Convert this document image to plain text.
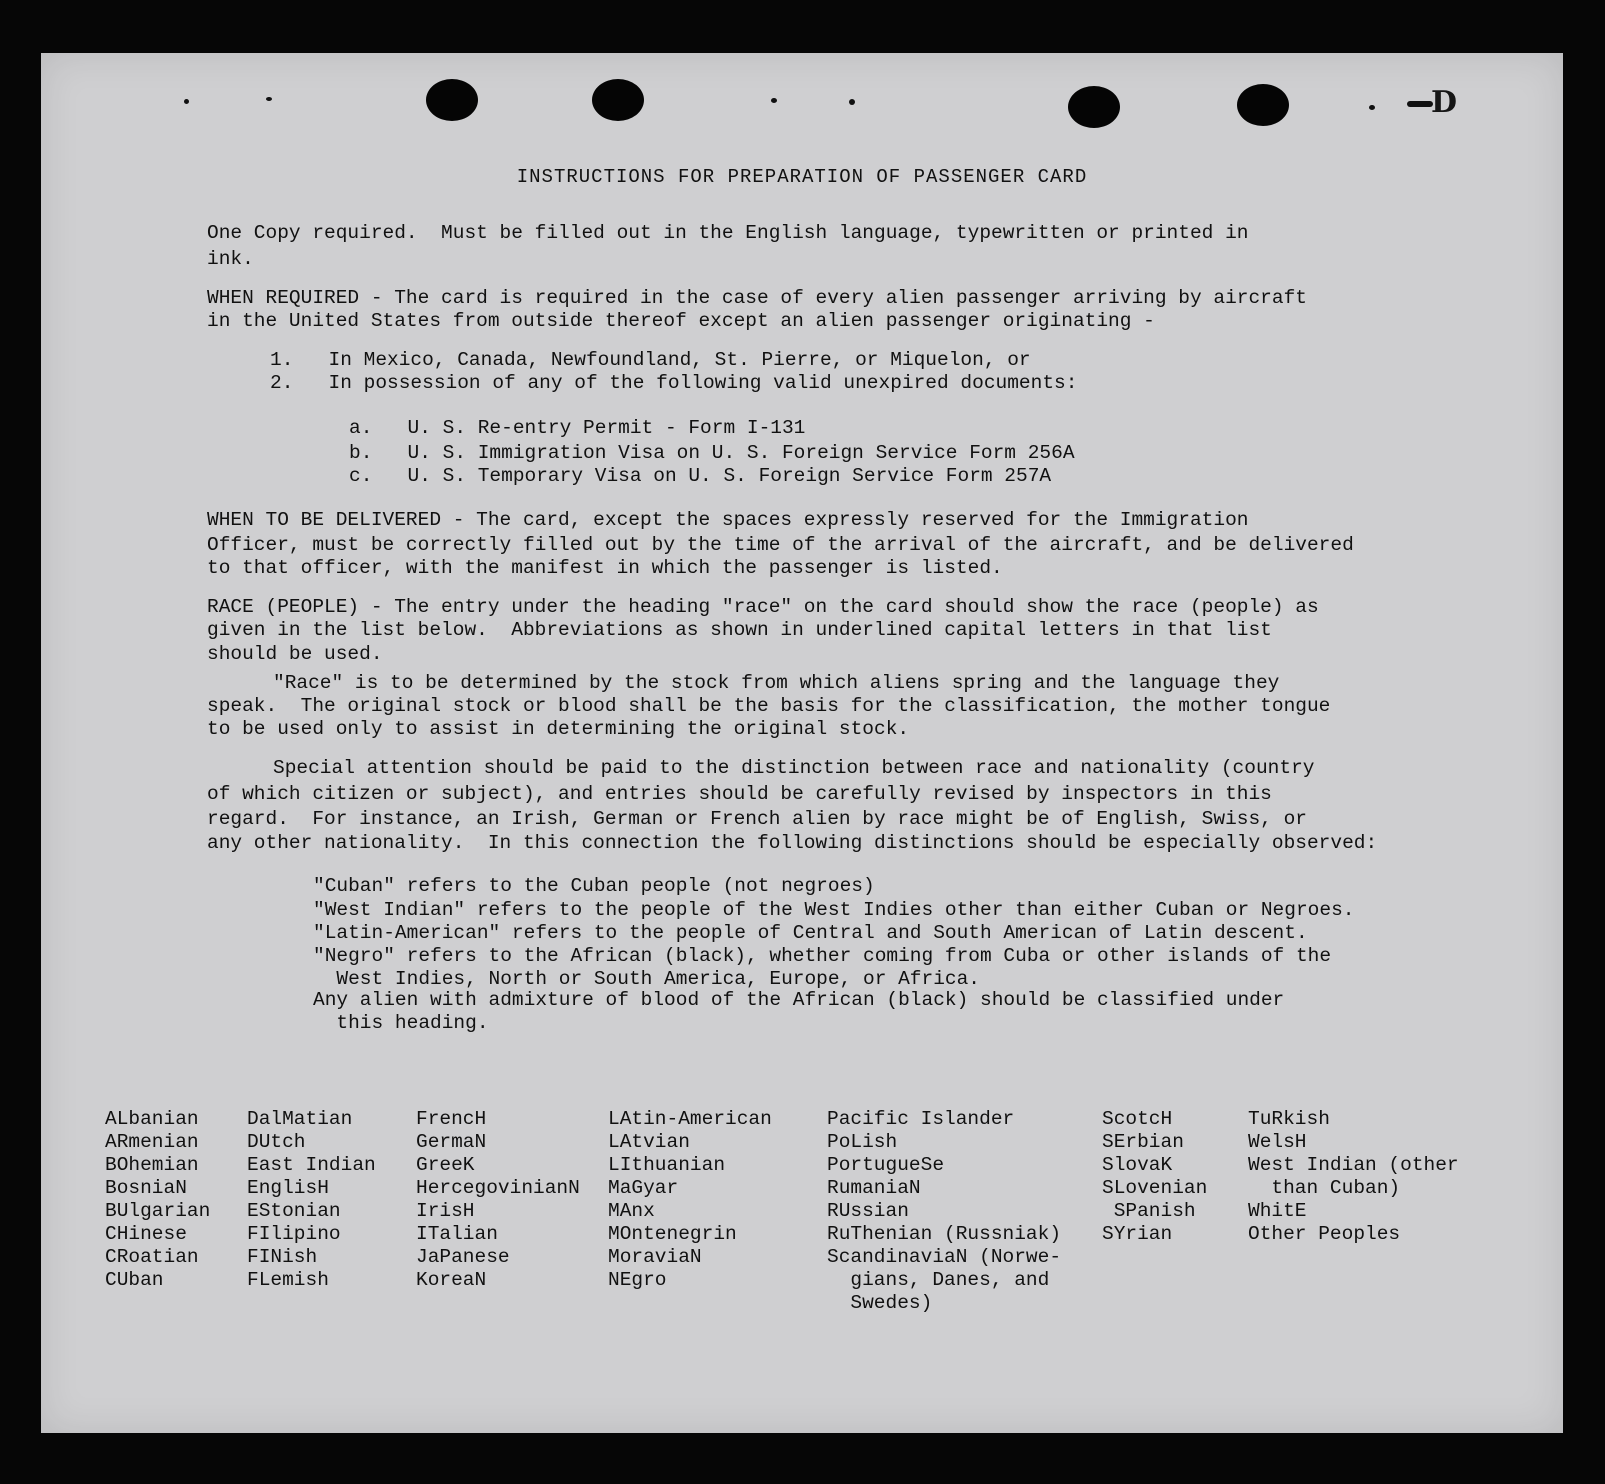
D
INSTRUCTIONS FOR PREPARATION OF PASSENGER CARD
One Copy required.  Must be filled out in the English language, typewritten or printed in
ink.
WHEN REQUIRED - The card is required in the case of every alien passenger arriving by aircraft
in the United States from outside thereof except an alien passenger originating -
1.   In Mexico, Canada, Newfoundland, St. Pierre, or Miquelon, or
2.   In possession of any of the following valid unexpired documents:
a.   U. S. Re-entry Permit - Form I-131
b.   U. S. Immigration Visa on U. S. Foreign Service Form 256A
c.   U. S. Temporary Visa on U. S. Foreign Service Form 257A
WHEN TO BE DELIVERED - The card, except the spaces expressly reserved for the Immigration
Officer, must be correctly filled out by the time of the arrival of the aircraft, and be delivered
to that officer, with the manifest in which the passenger is listed.
RACE (PEOPLE) - The entry under the heading "race" on the card should show the race (people) as
given in the list below.  Abbreviations as shown in underlined capital letters in that list
should be used.
"Race" is to be determined by the stock from which aliens spring and the language they
speak.  The original stock or blood shall be the basis for the classification, the mother tongue
to be used only to assist in determining the original stock.
Special attention should be paid to the distinction between race and nationality (country
of which citizen or subject), and entries should be carefully revised by inspectors in this
regard.  For instance, an Irish, German or French alien by race might be of English, Swiss, or
any other nationality.  In this connection the following distinctions should be especially observed:
"Cuban" refers to the Cuban people (not negroes)
"West Indian" refers to the people of the West Indies other than either Cuban or Negroes.
"Latin-American" refers to the people of Central and South American of Latin descent.
"Negro" refers to the African (black), whether coming from Cuba or other islands of the
West Indies, North or South America, Europe, or Africa.
Any alien with admixture of blood of the African (black) should be classified under
this heading.
ALbanian
ARmenian
BOhemian
BosniaN
BUlgarian
CHinese
CRoatian
CUban
DalMatian
DUtch
East Indian
EnglisH
EStonian
FIlipino
FINish
FLemish
FrencH
GermaN
GreeK
HercegovinianN
IrisH
ITalian
JaPanese
KoreaN
LAtin-American
LAtvian
LIthuanian
MaGyar
MAnx
MOntenegrin
MoraviaN
NEgro
Pacific Islander
PoLish
PortugueSe
RumaniaN
RUssian
RuThenian (Russniak)
ScandinaviaN (Norwe-
gians, Danes, and
Swedes)
ScotcH
SErbian
SlovaK
SLovenian
SPanish
SYrian
TuRkish
WelsH
West Indian (other
than Cuban)
WhitE
Other Peoples
